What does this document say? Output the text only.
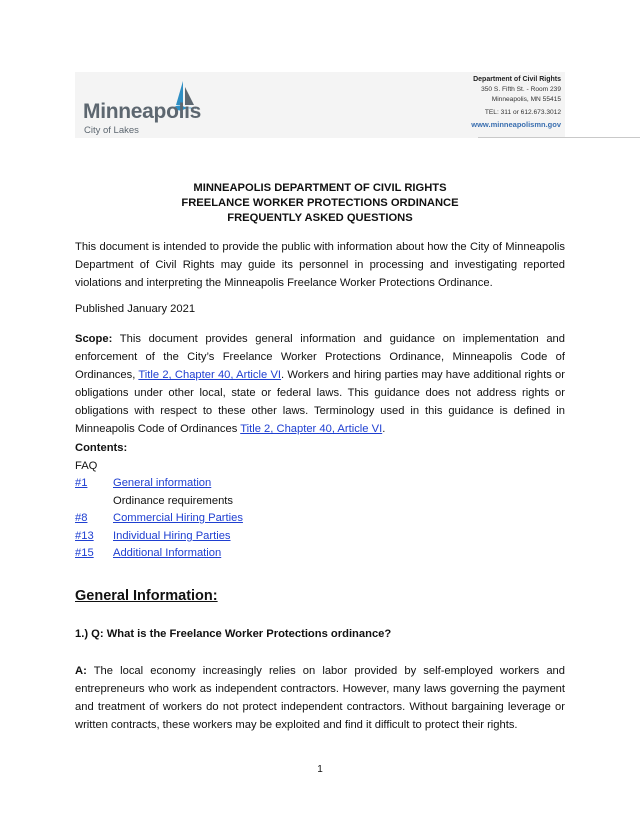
Minneapolis
City of Lakes
Department of Civil Rights
350 S. Fifth St. - Room 239
Minneapolis, MN 55415
TEL: 311 or 612.673.3012
www.minneapolismn.gov
MINNEAPOLIS DEPARTMENT OF CIVIL RIGHTS
FREELANCE WORKER PROTECTIONS ORDINANCE
FREQUENTLY ASKED QUESTIONS

This document is intended to provide the public with information about how the City of Minneapolis Department of Civil Rights may guide its personnel in processing and investigating reported violations and interpreting the Minneapolis Freelance Worker Protections Ordinance.

Published January 2021

Scope: This document provides general information and guidance on implementation and enforcement of the City’s Freelance Worker Protections Ordinance, Minneapolis Code of Ordinances, Title 2, Chapter 40, Article VI. Workers and hiring parties may have additional rights or obligations under other local, state or federal laws. This guidance does not address rights or obligations with respect to these other laws. Terminology used in this guidance is defined in Minneapolis Code of Ordinances Title 2, Chapter 40, Article VI.

Contents:
FAQ
#1 General information
Ordinance requirements
#8 Commercial Hiring Parties
#13 Individual Hiring Parties
#15 Additional Information
General Information:
1.) Q: What is the Freelance Worker Protections ordinance?

A: The local economy increasingly relies on labor provided by self-employed workers and entrepreneurs who work as independent contractors. However, many laws governing the payment and treatment of workers do not protect independent contractors. Without bargaining leverage or written contracts, these workers may be exploited and find it difficult to protect their rights.

1
